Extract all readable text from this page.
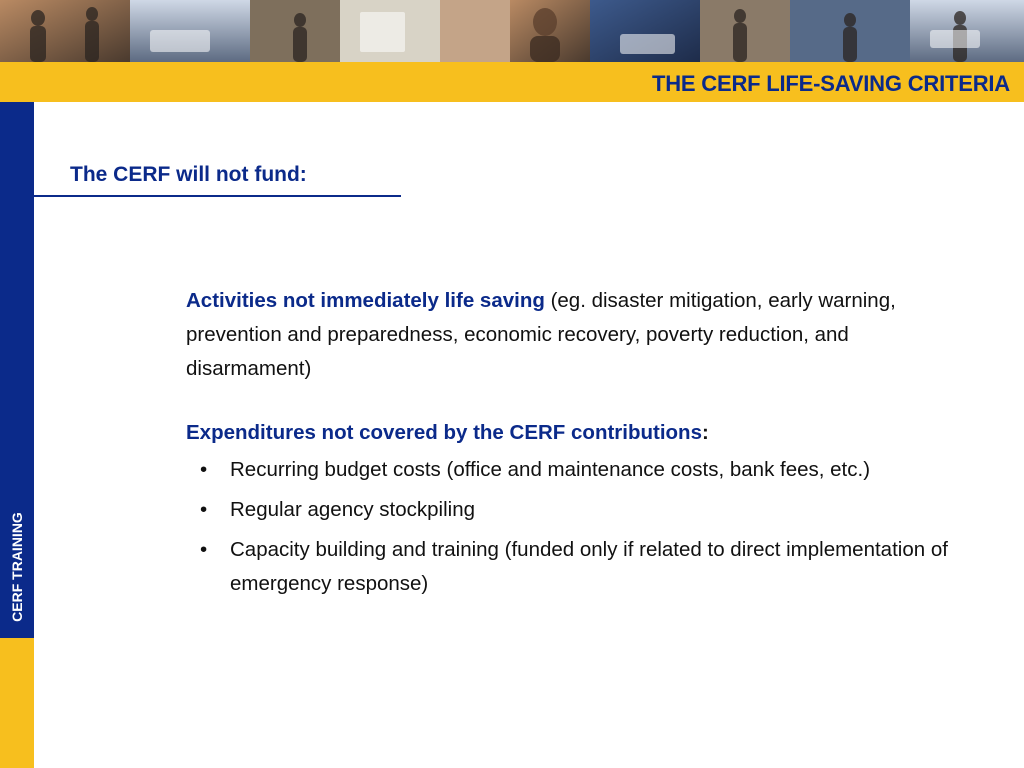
THE CERF LIFE-SAVING CRITERIA
CERF TRAINING
The CERF will not fund:

Activities not immediately life saving (eg. disaster mitigation, early warning, prevention and preparedness, economic recovery, poverty reduction, and disarmament)

Expenditures not covered by the CERF contributions:

• Recurring budget costs (office and maintenance costs, bank fees, etc.)
• Regular agency stockpiling
• Capacity building and training (funded only if related to direct implementation of emergency response)
